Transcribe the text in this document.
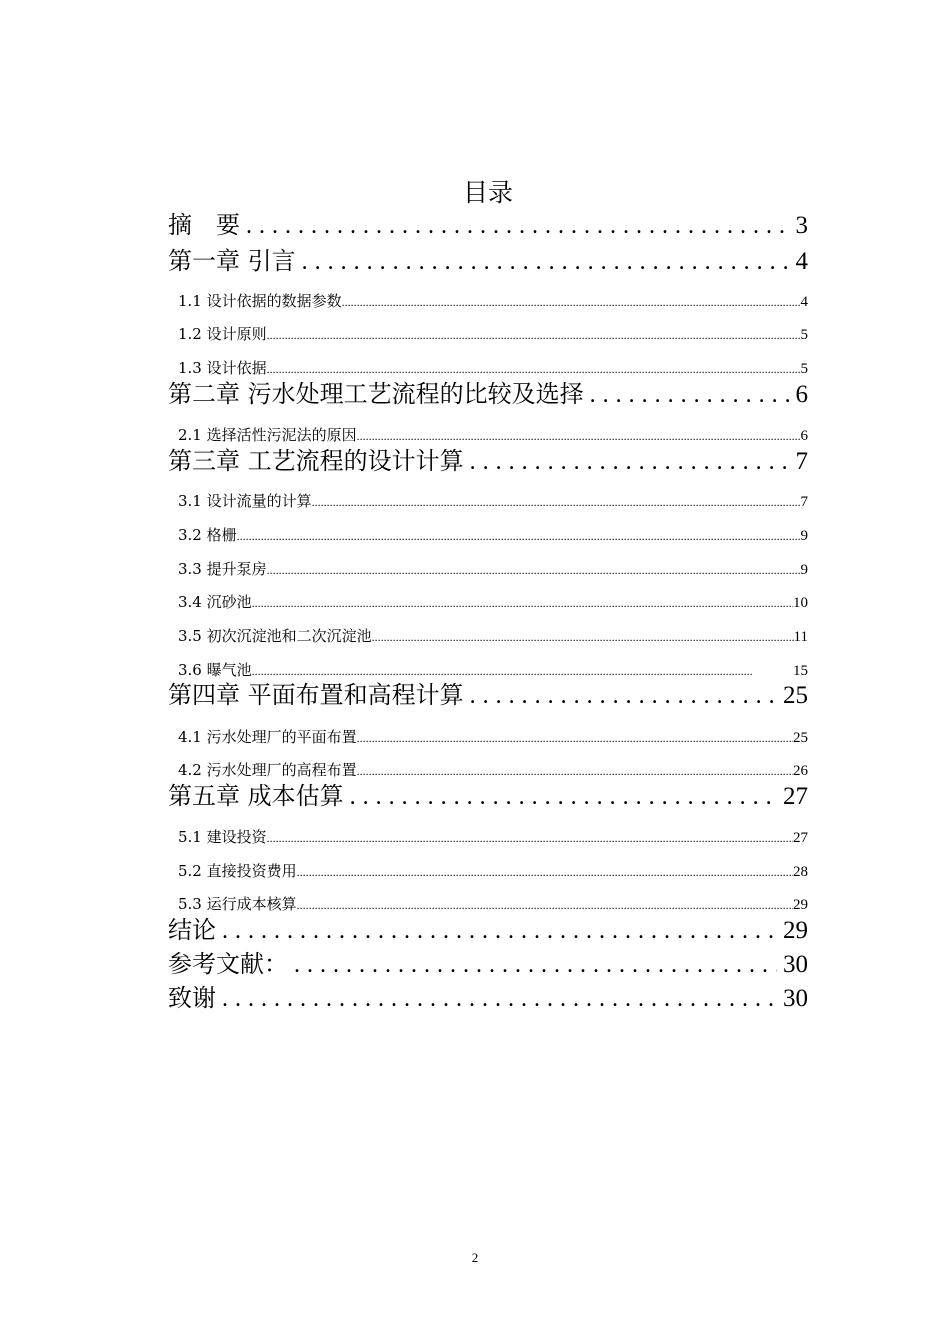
目录
摘　要 .....	3
第一章 引言 .....	4
1.1 设计依据的数据参数 .....	4
1.2 设计原则 .....	5
1.3 设计依据 .....	5
第二章 污水处理工艺流程的比较及选择 .....	6
2.1 选择活性污泥法的原因 .....	6
第三章 工艺流程的设计计算 .....	7
3.1 设计流量的计算 .....	7
3.2 格栅 .....	9
3.3 提升泵房 .....	9
3.4 沉砂池 .....	10
3.5 初次沉淀池和二次沉淀池 .....	11
3.6 曝气池 .....	15
第四章 平面布置和高程计算 .....	25
4.1 污水处理厂的平面布置 .....	25
4.2 污水处理厂的高程布置 .....	26
第五章 成本估算 .....	27
5.1 建设投资 .....	27
5.2 直接投资费用 .....	28
5.3 运行成本核算 .....	29
结论 .....	29
参考文献： .....	30
致谢 .....	30
2
